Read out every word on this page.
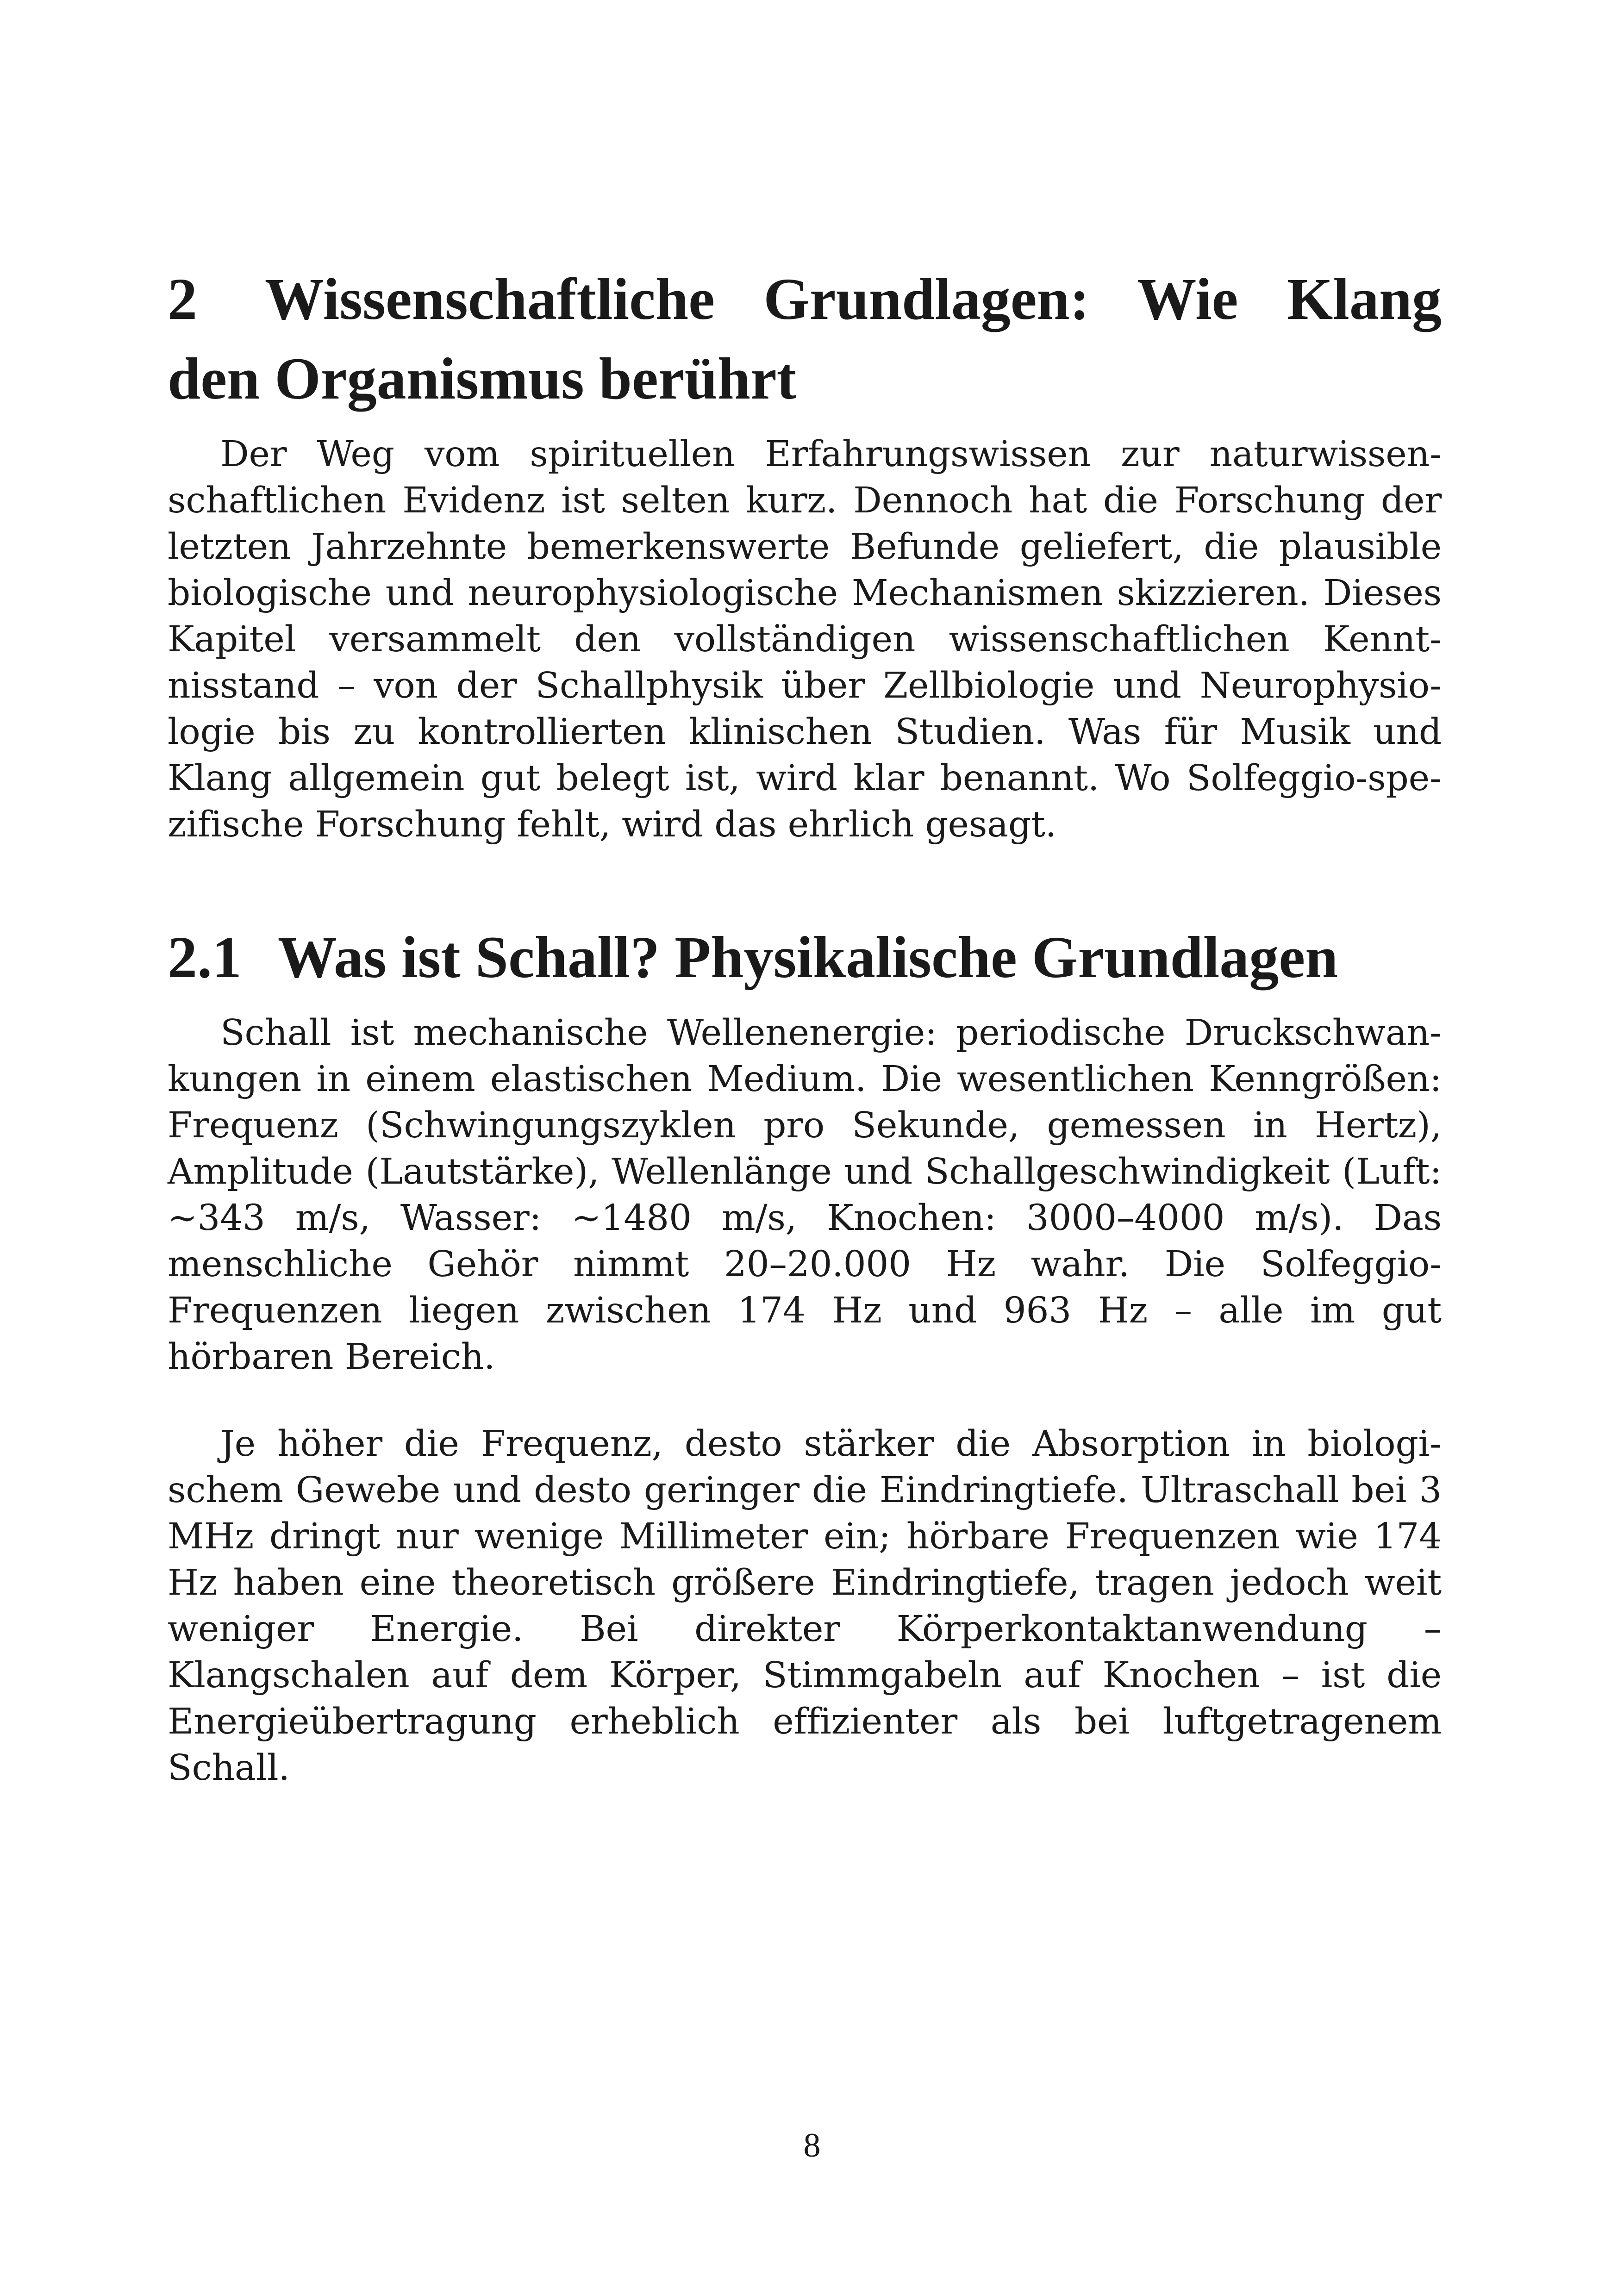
2 Wissenschaftliche Grundlagen: Wie Klang den Organismus berührt

Der Weg vom spirituellen Erfahrungswissen zur naturwissenschaftlichen Evidenz ist selten kurz. Dennoch hat die Forschung der letzten Jahrzehnte bemerkenswerte Befunde geliefert, die plausible biologische und neurophysiologische Mechanismen skizzieren. Dieses Kapitel versammelt den vollständigen wissenschaftlichen Kenntnisstand – von der Schallphysik über Zellbiologie und Neurophysiologie bis zu kontrollierten klinischen Studien. Was für Musik und Klang allgemein gut belegt ist, wird klar benannt. Wo Solfeggio-spezifische Forschung fehlt, wird das ehrlich gesagt.

2.1 Was ist Schall? Physikalische Grundlagen

Schall ist mechanische Wellenenergie: periodische Druckschwankungen in einem elastischen Medium. Die wesentlichen Kenngrößen: Frequenz (Schwingungszyklen pro Sekunde, gemessen in Hertz), Amplitude (Lautstärke), Wellenlänge und Schallgeschwindigkeit (Luft: ~343 m/s, Wasser: ~1480 m/s, Knochen: 3000–4000 m/s). Das menschliche Gehör nimmt 20–20.000 Hz wahr. Die Solfeggio-Frequenzen liegen zwischen 174 Hz und 963 Hz – alle im gut hörbaren Bereich.

Je höher die Frequenz, desto stärker die Absorption in biologischem Gewebe und desto geringer die Eindringtiefe. Ultraschall bei 3 MHz dringt nur wenige Millimeter ein; hörbare Frequenzen wie 174 Hz haben eine theoretisch größere Eindringtiefe, tragen jedoch weit weniger Energie. Bei direkter Körperkontaktanwendung – Klangschalen auf dem Körper, Stimmgabeln auf Knochen – ist die Energieübertragung erheblich effizienter als bei luftgetragenem Schall.

8
